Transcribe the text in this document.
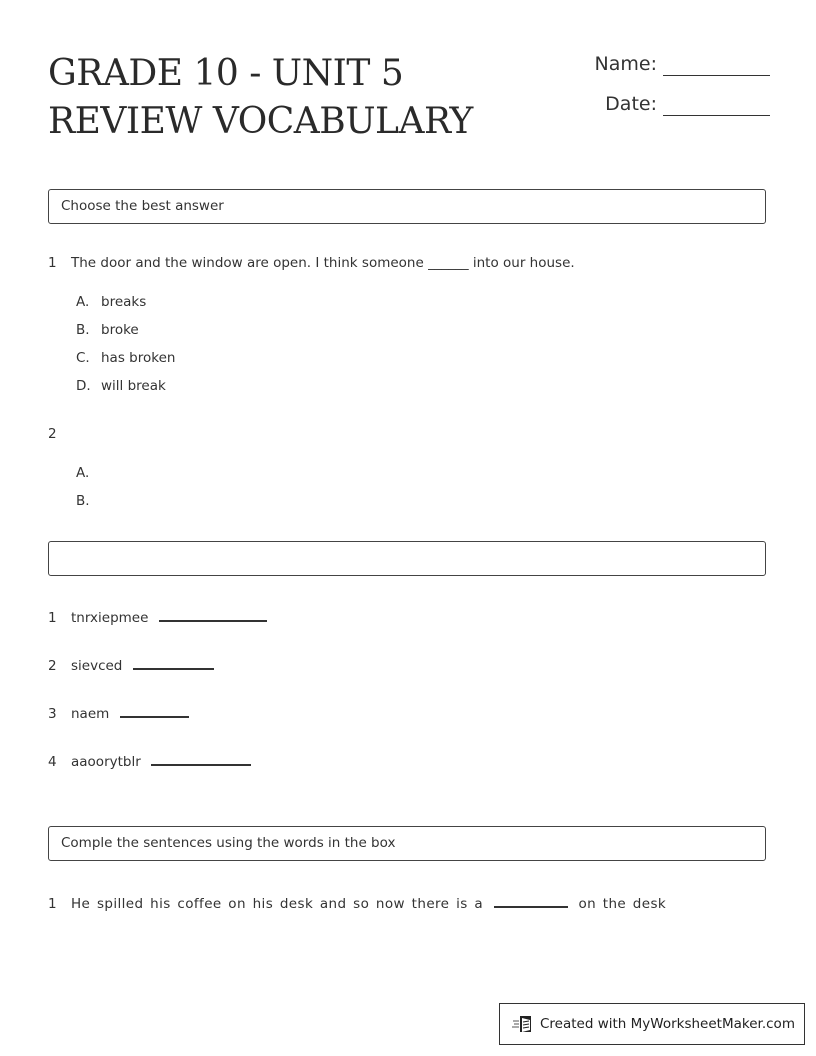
GRADE 10 - UNIT 5
REVIEW VOCABULARY
Name:
Date:
Choose the best answer
1 The door and the window are open. I think someone ______ into our house.
A. breaks
B. broke
C. has broken
D. will break
2
A.
B.
1 tnrxiepmee
2 sievced
3 naem
4 aaoorytblr
Comple the sentences using the words in the box
1 He spilled his coffee on his desk and so now there is a	on the desk
Created with MyWorksheetMaker.com
